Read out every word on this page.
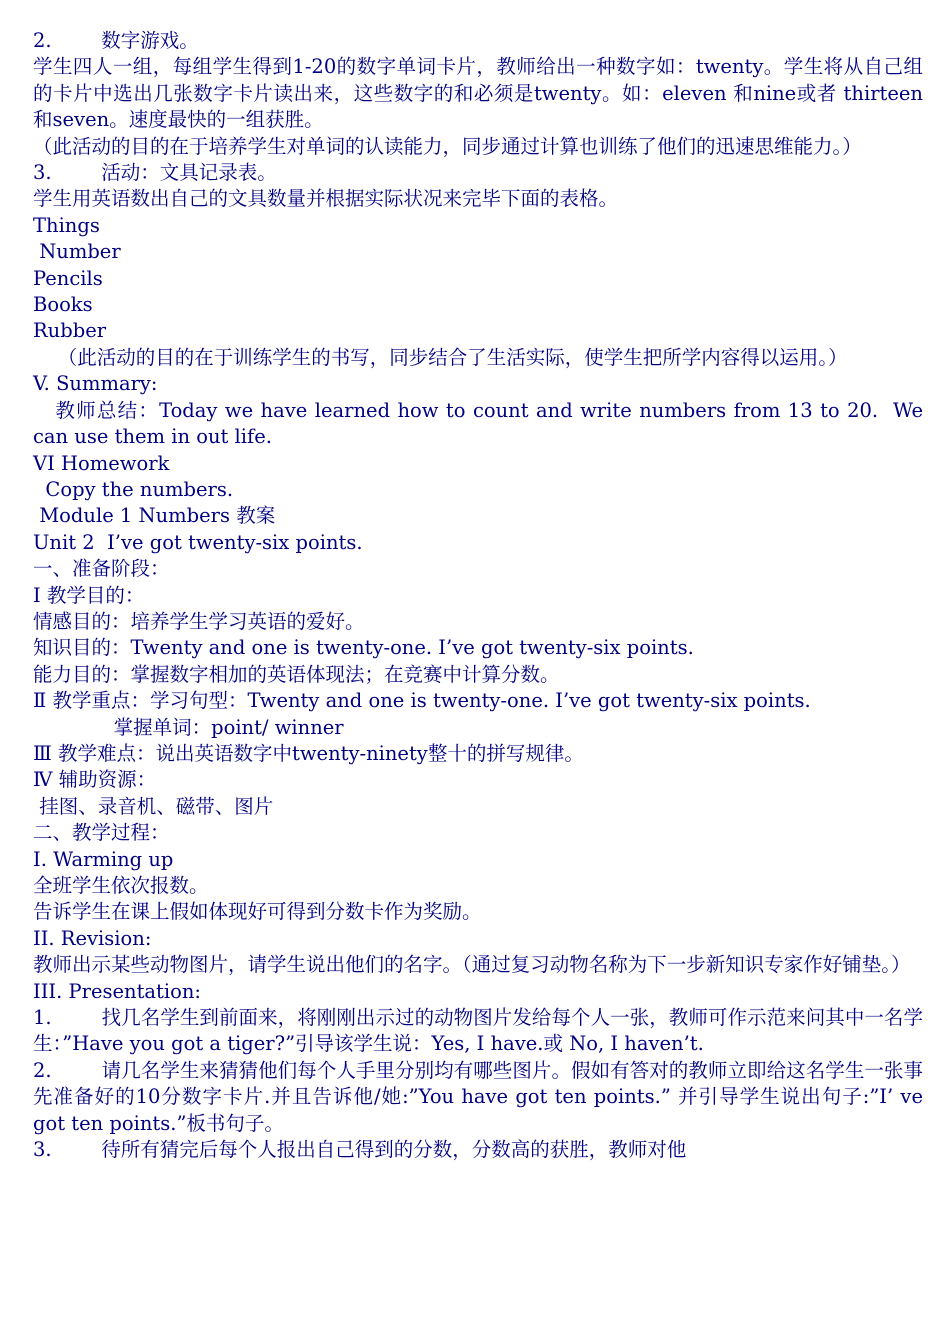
2.        数字游戏。

学生四人一组，每组学生得到1-20的数字单词卡片，教师给出一种数字如：twenty。学生将从自己组的卡片中选出几张数字卡片读出来，这些数字的和必须是twenty。如：eleven 和nine或者 thirteen 和seven。速度最快的一组获胜。

（此活动的目的在于培养学生对单词的认读能力，同步通过计算也训练了他们的迅速思维能力。）

3.        活动：文具记录表。

学生用英语数出自己的文具数量并根据实际状况来完毕下面的表格。

Things

Number

Pencils

Books

Rubber

（此活动的目的在于训练学生的书写，同步结合了生活实际，使学生把所学内容得以运用。）

V. Summary:

教师总结：Today we have learned how to count and write numbers from 13 to 20.  We can use them in out life.

VI Homework

Copy the numbers.

Module 1 Numbers 教案

Unit 2  I’ve got twenty-six points.

一、准备阶段：

Ⅰ 教学目的：

情感目的：培养学生学习英语的爱好。

知识目的：Twenty and one is twenty-one. I’ve got twenty-six points.

能力目的：掌握数字相加的英语体现法；在竞赛中计算分数。

Ⅱ 教学重点：学习句型：Twenty and one is twenty-one. I’ve got twenty-six points.

掌握单词：point/ winner

Ⅲ 教学难点：说出英语数字中twenty-ninety整十的拼写规律。

Ⅳ 辅助资源：

挂图、录音机、磁带、图片

二、教学过程：

I. Warming up

全班学生依次报数。

告诉学生在课上假如体现好可得到分数卡作为奖励。

II. Revision:

教师出示某些动物图片，请学生说出他们的名字。（通过复习动物名称为下一步新知识专家作好铺垫。）

III. Presentation:

1.        找几名学生到前面来，将刚刚出示过的动物图片发给每个人一张，教师可作示范来问其中一名学生：”Have you got a tiger?”引导该学生说：Yes, I have.或 No, I haven’t.

2.        请几名学生来猜猜他们每个人手里分别均有哪些图片。假如有答对的教师立即给这名学生一张事先准备好的10分数字卡片.并且告诉他/她:”You have got ten points.” 并引导学生说出句子:”I’ ve got ten points.”板书句子。

3.        待所有猜完后每个人报出自己得到的分数，分数高的获胜，教师对他
